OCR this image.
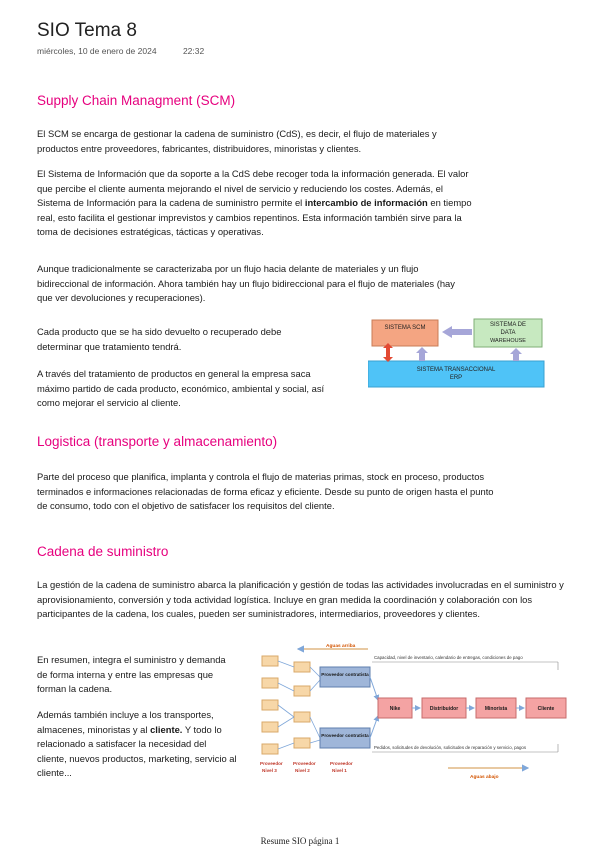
SIO Tema 8
miércoles, 10 de enero de 2024	22:32
Supply Chain Managment (SCM)

El SCM se encarga de gestionar la cadena de suministro (CdS), es decir, el flujo de materiales y productos entre proveedores, fabricantes, distribuidores, minoristas y clientes.

El Sistema de Información que da soporte a la CdS debe recoger toda la información generada. El valor que percibe el cliente aumenta mejorando el nivel de servicio y reduciendo los costes. Además, el Sistema de Información para la cadena de suministro permite el intercambio de información en tiempo real, esto facilita el gestionar imprevistos y cambios repentinos. Esta información también sirve para la toma de decisiones estratégicas, tácticas y operativas.

Aunque tradicionalmente se caracterizaba por un flujo hacia delante de materiales y un flujo bidireccional de información. Ahora también hay un flujo bidireccional para el flujo de materiales (hay que ver devoluciones y recuperaciones).

Cada producto que se ha sido devuelto o recuperado debe determinar que tratamiento tendrá.

A través del tratamiento de productos en general la empresa saca máximo partido de cada producto, económico, ambiental y social, así como mejorar el servicio al cliente.

SISTEMA SCM	SISTEMA DE
DATA
WAREHOUSE
SISTEMA TRANSACCIONAL
ERP
Logistica (transporte y almacenamiento)

Parte del proceso que planifica, implanta y controla el flujo de materias primas, stock en proceso, productos terminados e informaciones relacionadas de forma eficaz y eficiente. Desde su punto de origen hasta el punto de consumo, todo con el objetivo de satisfacer los requisitos del cliente.

Cadena de suministro

La gestión de la cadena de suministro abarca la planificación y gestión de todas las actividades involucradas en el suministro y aprovisionamiento, conversión y toda actividad logística. Incluye en gran medida la coordinación y colaboración con los participantes de la cadena, los cuales, pueden ser suministradores, intermediarios, proveedores y clientes.

En resumen, integra el suministro y demanda de forma interna y entre las empresas que forman la cadena.

Además también incluye a los transportes, almacenes, minoristas y al cliente. Y todo lo relacionado a satisfacer la necesidad del cliente, nuevos productos, marketing, servicio al cliente...

Aguas arriba
Proveedor contratista
Proveedor contratista
Capacidad, nivel de inventario, calendario de entregas, condiciones de pago
Nike	Distribuidor	Minorista	Cliente
Pedidos, solicitudes de devolución, solicitudes de reparación y servicio, pagos
Aguas abajo
Proveedor
Nivel 3
Proveedor
Nivel 2
Proveedor
Nivel 1
Resume SIO página 1
